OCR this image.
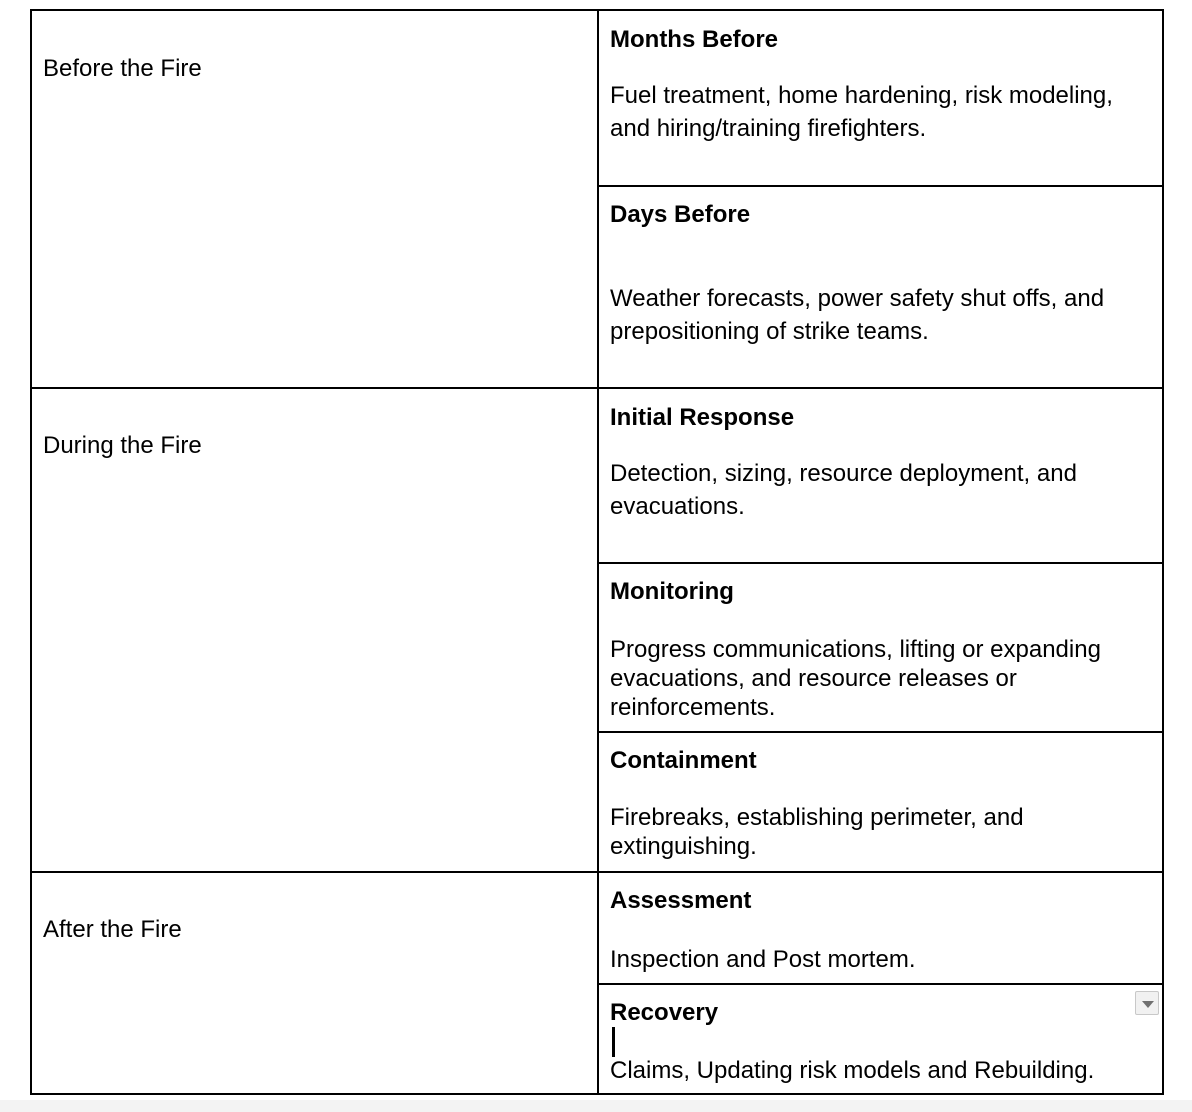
Before the Fire
During the Fire
After the Fire
Months Before
Fuel treatment, home hardening, risk modeling, and hiring/training firefighters.
Days Before
Weather forecasts, power safety shut offs, and prepositioning of strike teams.
Initial Response
Detection, sizing, resource deployment, and evacuations.
Monitoring
Progress communications, lifting or expanding evacuations, and resource releases or reinforcements.
Containment
Firebreaks, establishing perimeter, and extinguishing.
Assessment
Inspection and Post mortem.
Recovery
Claims, Updating risk models and Rebuilding.
